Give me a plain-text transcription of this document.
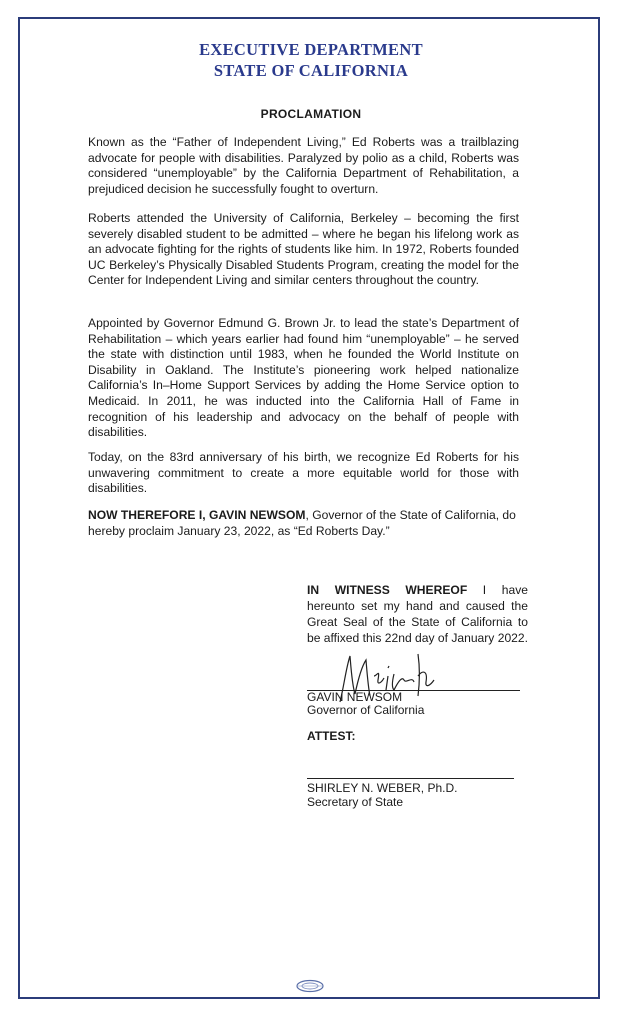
EXECUTIVE DEPARTMENT
STATE OF CALIFORNIA
PROCLAMATION

Known as the “Father of Independent Living,” Ed Roberts was a trailblazing advocate for people with disabilities. Paralyzed by polio as a child, Roberts was considered “unemployable” by the California Department of Rehabilitation, a prejudiced decision he successfully fought to overturn.

Roberts attended the University of California, Berkeley – becoming the first severely disabled student to be admitted – where he began his lifelong work as an advocate fighting for the rights of students like him. In 1972, Roberts founded UC Berkeley’s Physically Disabled Students Program, creating the model for the Center for Independent Living and similar centers throughout the country.

Appointed by Governor Edmund G. Brown Jr. to lead the state’s Department of Rehabilitation – which years earlier had found him “unemployable” – he served the state with distinction until 1983, when he founded the World Institute on Disability in Oakland. The Institute’s pioneering work helped nationalize California’s In–Home Support Services by adding the Home Service option to Medicaid. In 2011, he was inducted into the California Hall of Fame in recognition of his leadership and advocacy on the behalf of people with disabilities.

Today, on the 83rd anniversary of his birth, we recognize Ed Roberts for his unwavering commitment to create a more equitable world for those with disabilities.

NOW THEREFORE I, GAVIN NEWSOM, Governor of the State of California, do hereby proclaim January 23, 2022, as “Ed Roberts Day.”

IN WITNESS WHEREOF I have hereunto set my hand and caused the Great Seal of the State of California to be affixed this 22nd day of January 2022.

GAVIN NEWSOM
Governor of California
ATTEST:
SHIRLEY N. WEBER, Ph.D.
Secretary of State
